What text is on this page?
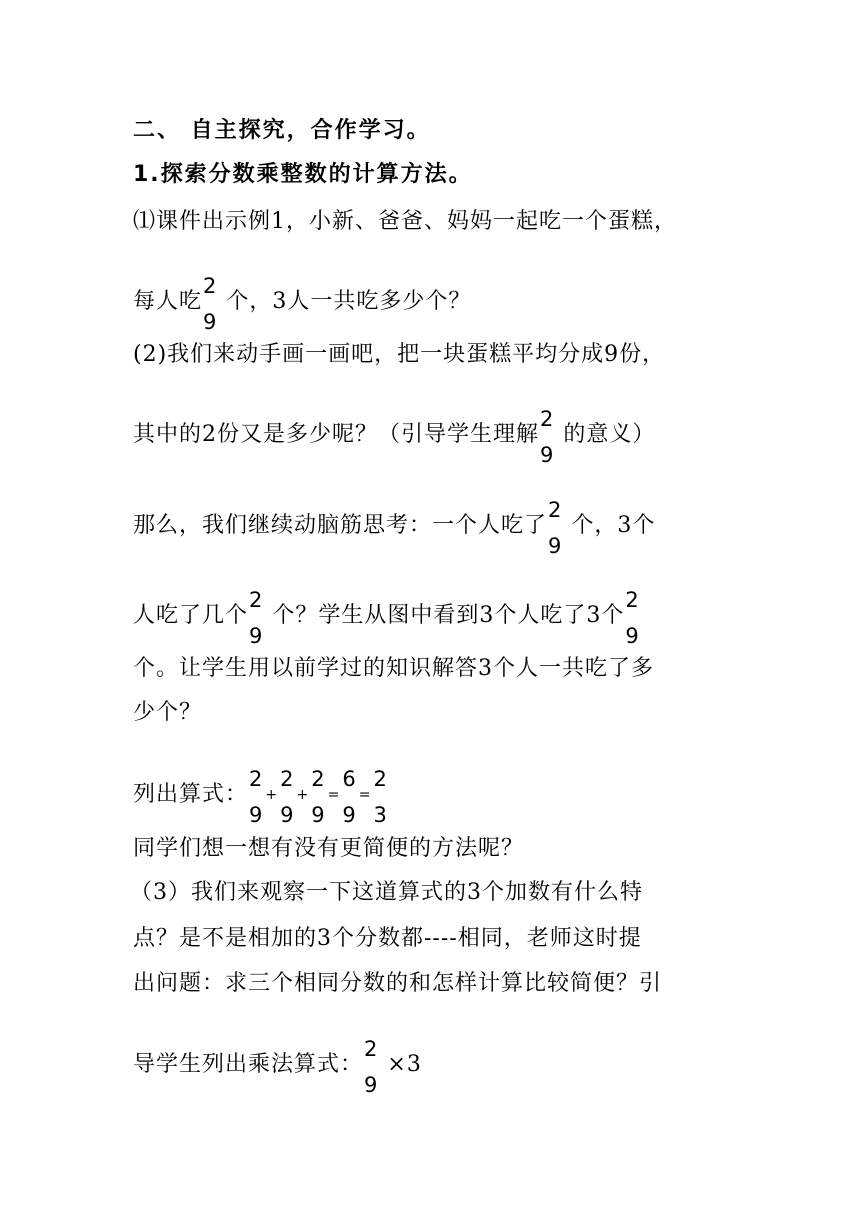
二、 自主探究，合作学习。
1.探索分数乘整数的计算方法。
⑴课件出示例1，小新、爸爸、妈妈一起吃一个蛋糕，
每人吃
2
9
个，3人一共吃多少个？
(2)我们来动手画一画吧，把一块蛋糕平均分成9份，
其中的2份又是多少呢？（引导学生理解
2
9
的意义）
那么，我们继续动脑筋思考：一个人吃了
2
9
个，3个
人吃了几个
2
9
个？学生从图中看到3个人吃了3个
2
9
个。让学生用以前学过的知识解答3个人一共吃了多
少个？
列出算式：
2
9
+
2
9
+
2
9
=
6
9
=
2
3
同学们想一想有没有更简便的方法呢？
（3）我们来观察一下这道算式的3个加数有什么特
点？是不是相加的3个分数都----相同，老师这时提
出问题：求三个相同分数的和怎样计算比较简便？引
导学生列出乘法算式：
2
9
×3
